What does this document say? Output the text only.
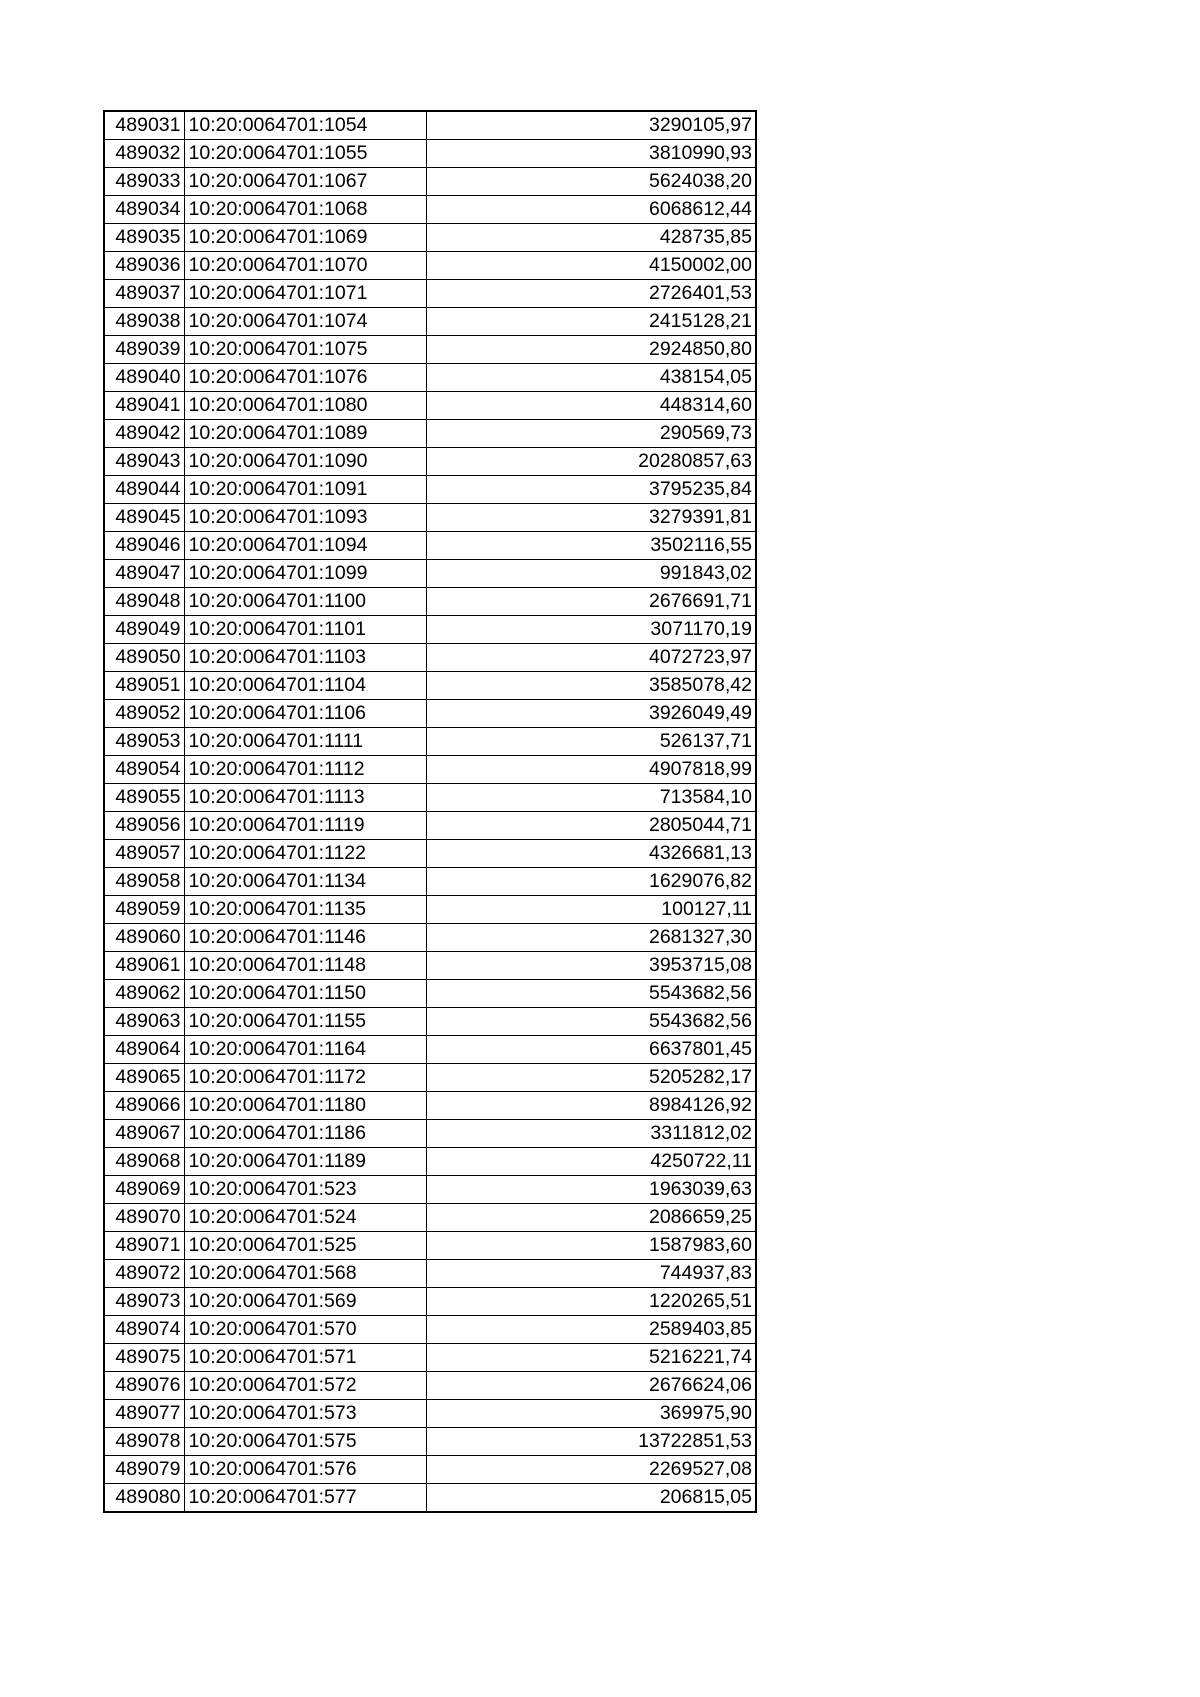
489031	10:20:0064701:1054	3290105,97
489032	10:20:0064701:1055	3810990,93
489033	10:20:0064701:1067	5624038,20
489034	10:20:0064701:1068	6068612,44
489035	10:20:0064701:1069	428735,85
489036	10:20:0064701:1070	4150002,00
489037	10:20:0064701:1071	2726401,53
489038	10:20:0064701:1074	2415128,21
489039	10:20:0064701:1075	2924850,80
489040	10:20:0064701:1076	438154,05
489041	10:20:0064701:1080	448314,60
489042	10:20:0064701:1089	290569,73
489043	10:20:0064701:1090	20280857,63
489044	10:20:0064701:1091	3795235,84
489045	10:20:0064701:1093	3279391,81
489046	10:20:0064701:1094	3502116,55
489047	10:20:0064701:1099	991843,02
489048	10:20:0064701:1100	2676691,71
489049	10:20:0064701:1101	3071170,19
489050	10:20:0064701:1103	4072723,97
489051	10:20:0064701:1104	3585078,42
489052	10:20:0064701:1106	3926049,49
489053	10:20:0064701:1111	526137,71
489054	10:20:0064701:1112	4907818,99
489055	10:20:0064701:1113	713584,10
489056	10:20:0064701:1119	2805044,71
489057	10:20:0064701:1122	4326681,13
489058	10:20:0064701:1134	1629076,82
489059	10:20:0064701:1135	100127,11
489060	10:20:0064701:1146	2681327,30
489061	10:20:0064701:1148	3953715,08
489062	10:20:0064701:1150	5543682,56
489063	10:20:0064701:1155	5543682,56
489064	10:20:0064701:1164	6637801,45
489065	10:20:0064701:1172	5205282,17
489066	10:20:0064701:1180	8984126,92
489067	10:20:0064701:1186	3311812,02
489068	10:20:0064701:1189	4250722,11
489069	10:20:0064701:523	1963039,63
489070	10:20:0064701:524	2086659,25
489071	10:20:0064701:525	1587983,60
489072	10:20:0064701:568	744937,83
489073	10:20:0064701:569	1220265,51
489074	10:20:0064701:570	2589403,85
489075	10:20:0064701:571	5216221,74
489076	10:20:0064701:572	2676624,06
489077	10:20:0064701:573	369975,90
489078	10:20:0064701:575	13722851,53
489079	10:20:0064701:576	2269527,08
489080	10:20:0064701:577	206815,05
